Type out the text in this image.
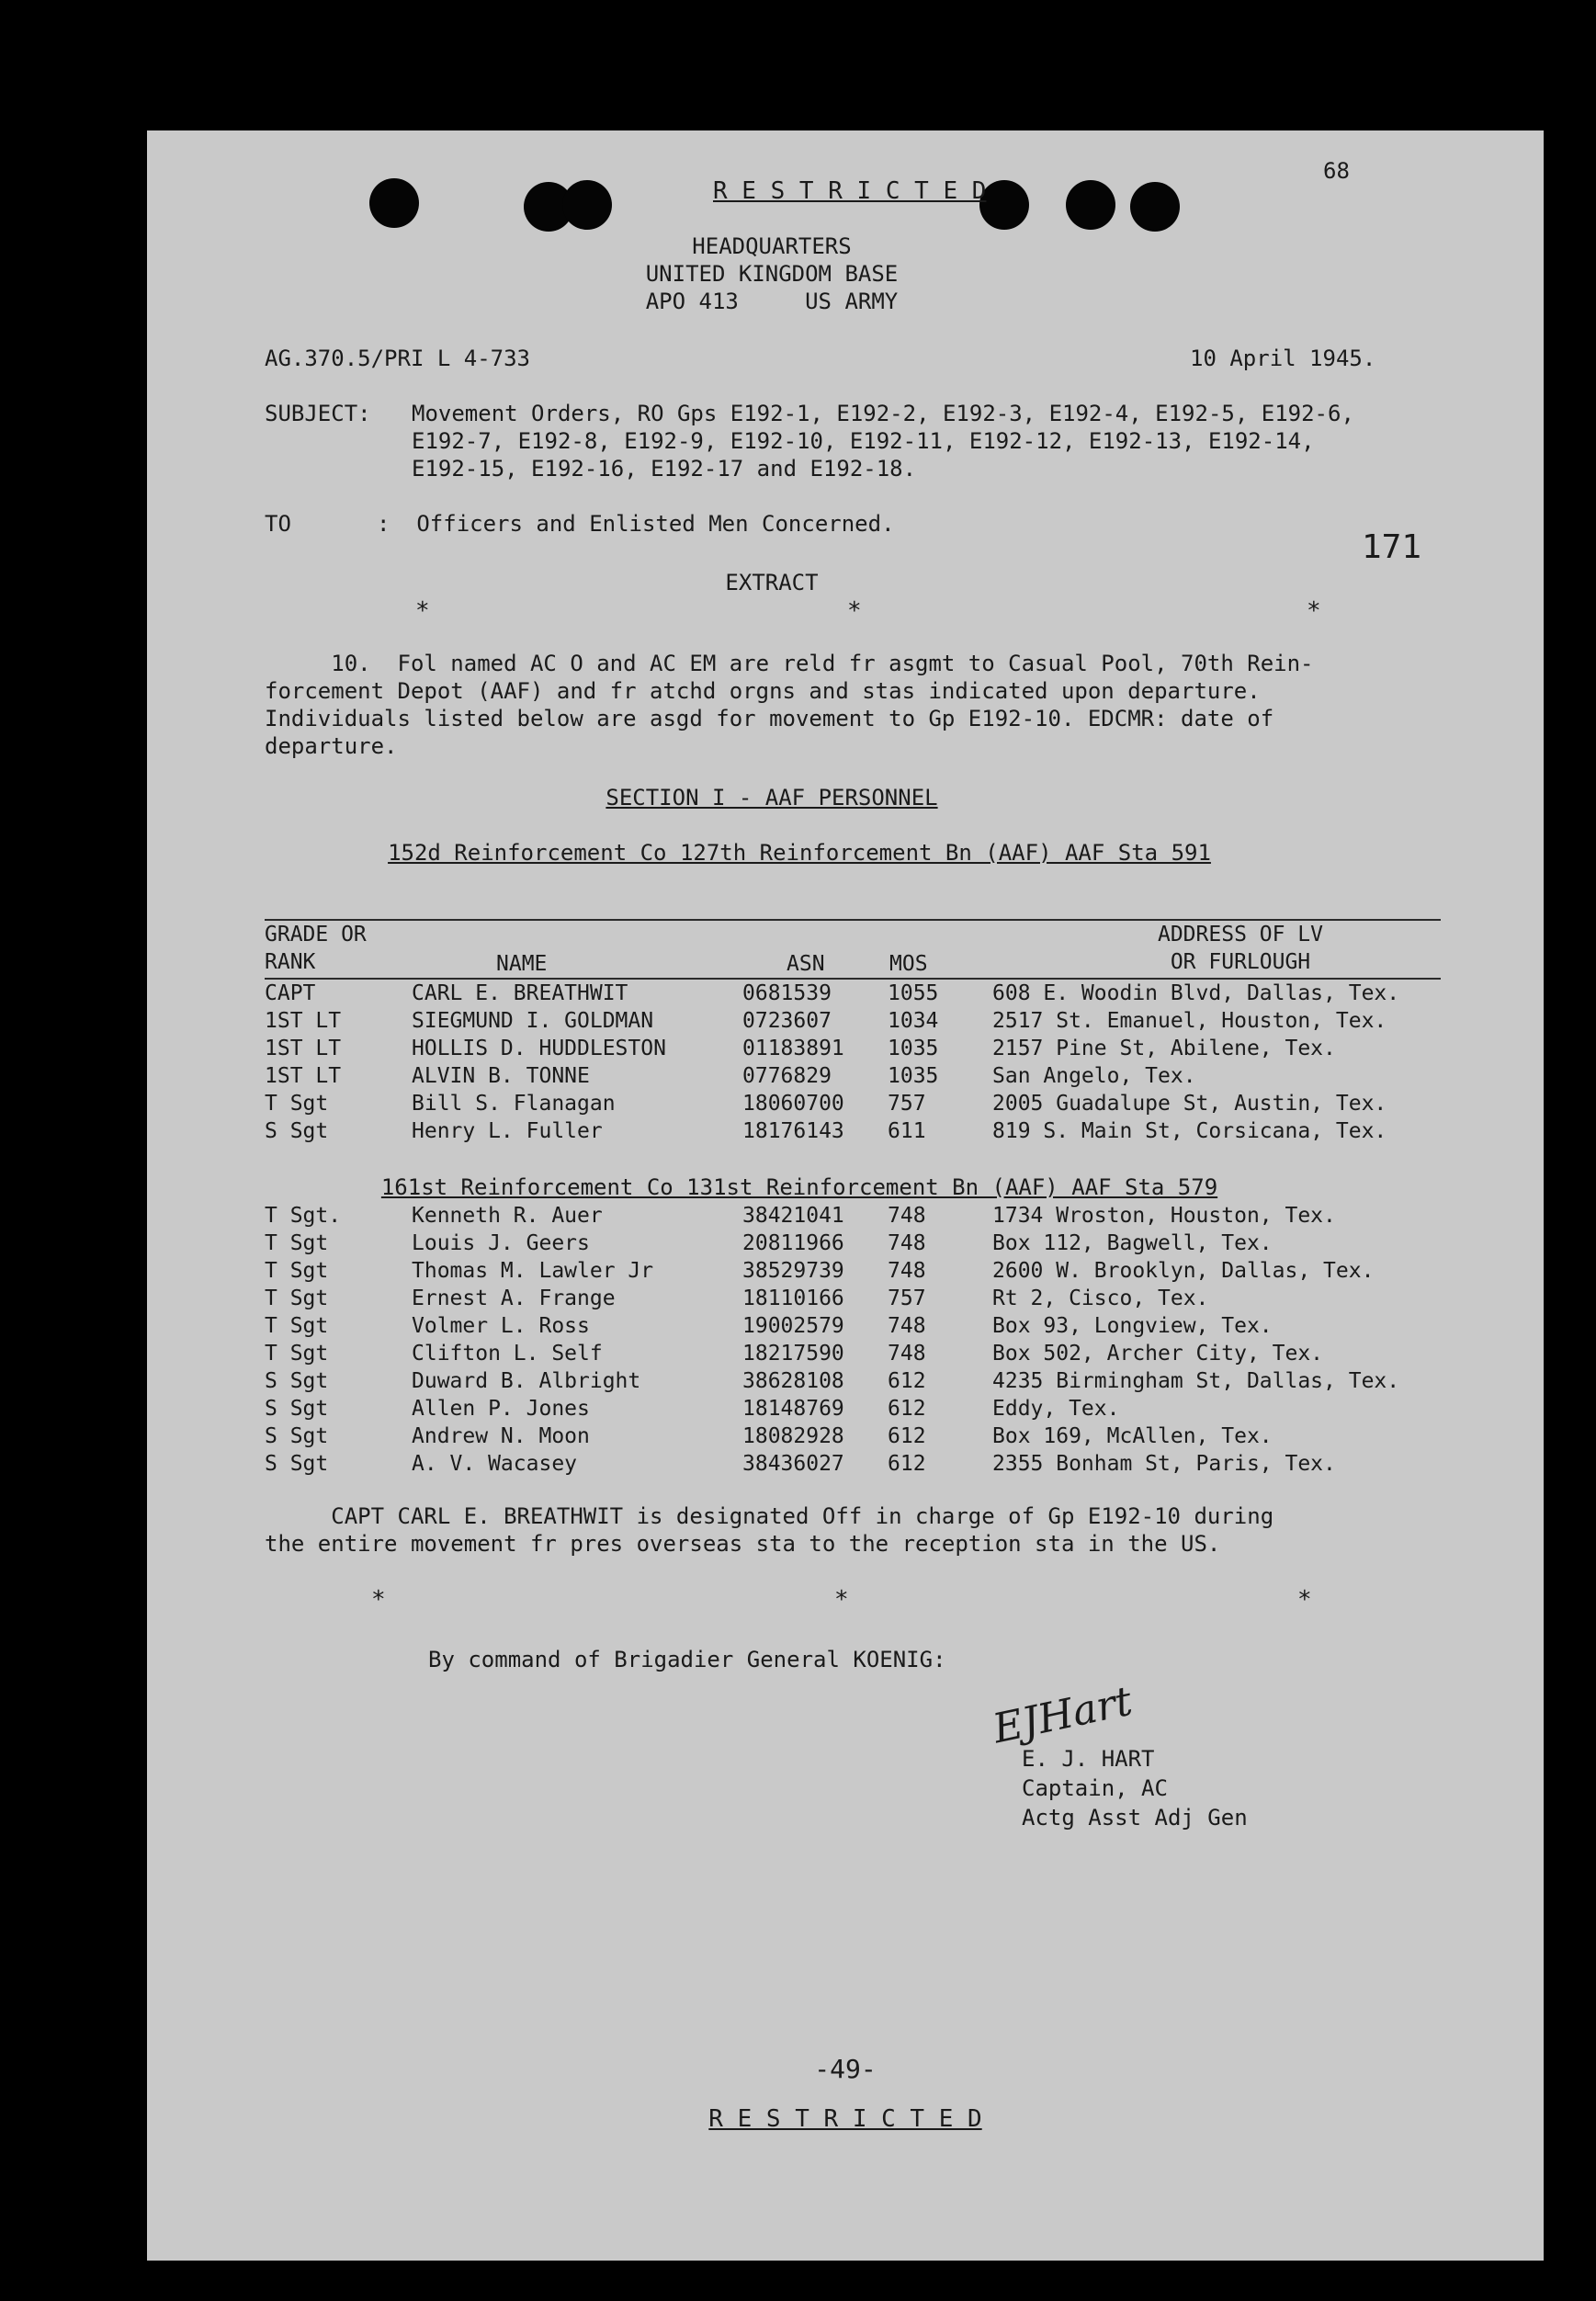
R E S T R I C T E D
68
HEADQUARTERS
UNITED KINGDOM BASE
APO 413     US ARMY
AG.370.5/PRI L 4-733	10 April 1945.
SUBJECT: Movement Orders, RO Gps E192-1, E192-2, E192-3, E192-4, E192-5, E192-6,
E192-7, E192-8, E192-9, E192-10, E192-11, E192-12, E192-13, E192-14,
E192-15, E192-16, E192-17 and E192-18.
TO	:  Officers and Enlisted Men Concerned.
171
EXTRACT
*	*	*
10.  Fol named AC O and AC EM are reld fr asgmt to Casual Pool, 70th Rein-
forcement Depot (AAF) and fr atchd orgns and stas indicated upon departure.
Individuals listed below are asgd for movement to Gp E192-10. EDCMR: date of
departure.
SECTION I - AAF PERSONNEL
152d Reinforcement Co 127th Reinforcement Bn (AAF) AAF Sta 591
GRADE OR
RANK	NAME	ASN	MOS
ADDRESS OF LV
OR FURLOUGH
CAPT	CARL E. BREATHWIT	0681539	1055	608 E. Woodin Blvd, Dallas, Tex.
1ST LT	SIEGMUND I. GOLDMAN	0723607	1034	2517 St. Emanuel, Houston, Tex.
1ST LT	HOLLIS D. HUDDLESTON	01183891 1035	2157 Pine St, Abilene, Tex.
1ST LT	ALVIN B. TONNE	0776829	1035	San Angelo, Tex.
T Sgt	Bill S. Flanagan	18060700 757	2005 Guadalupe St, Austin, Tex.
S Sgt	Henry L. Fuller	18176143 611	819 S. Main St, Corsicana, Tex.
161st Reinforcement Co 131st Reinforcement Bn (AAF) AAF Sta 579
T Sgt.	Kenneth R. Auer	38421041 748	1734 Wroston, Houston, Tex.
T Sgt	Louis J. Geers	20811966 748	Box 112, Bagwell, Tex.
T Sgt	Thomas M. Lawler Jr	38529739 748	2600 W. Brooklyn, Dallas, Tex.
T Sgt	Ernest A. Frange	18110166 757	Rt 2, Cisco, Tex.
T Sgt	Volmer L. Ross	19002579 748	Box 93, Longview, Tex.
T Sgt	Clifton L. Self	18217590 748	Box 502, Archer City, Tex.
S Sgt	Duward B. Albright	38628108 612	4235 Birmingham St, Dallas, Tex.
S Sgt	Allen P. Jones	18148769 612	Eddy, Tex.
S Sgt	Andrew N. Moon	18082928 612	Box 169, McAllen, Tex.
S Sgt	A. V. Wacasey	38436027 612	2355 Bonham St, Paris, Tex.
CAPT CARL E. BREATHWIT is designated Off in charge of Gp E192-10 during
the entire movement fr pres overseas sta to the reception sta in the US.
*	*	*
By command of Brigadier General KOENIG:
EJHart
E. J. HART
Captain, AC
Actg Asst Adj Gen
-49-
R E S T R I C T E D
